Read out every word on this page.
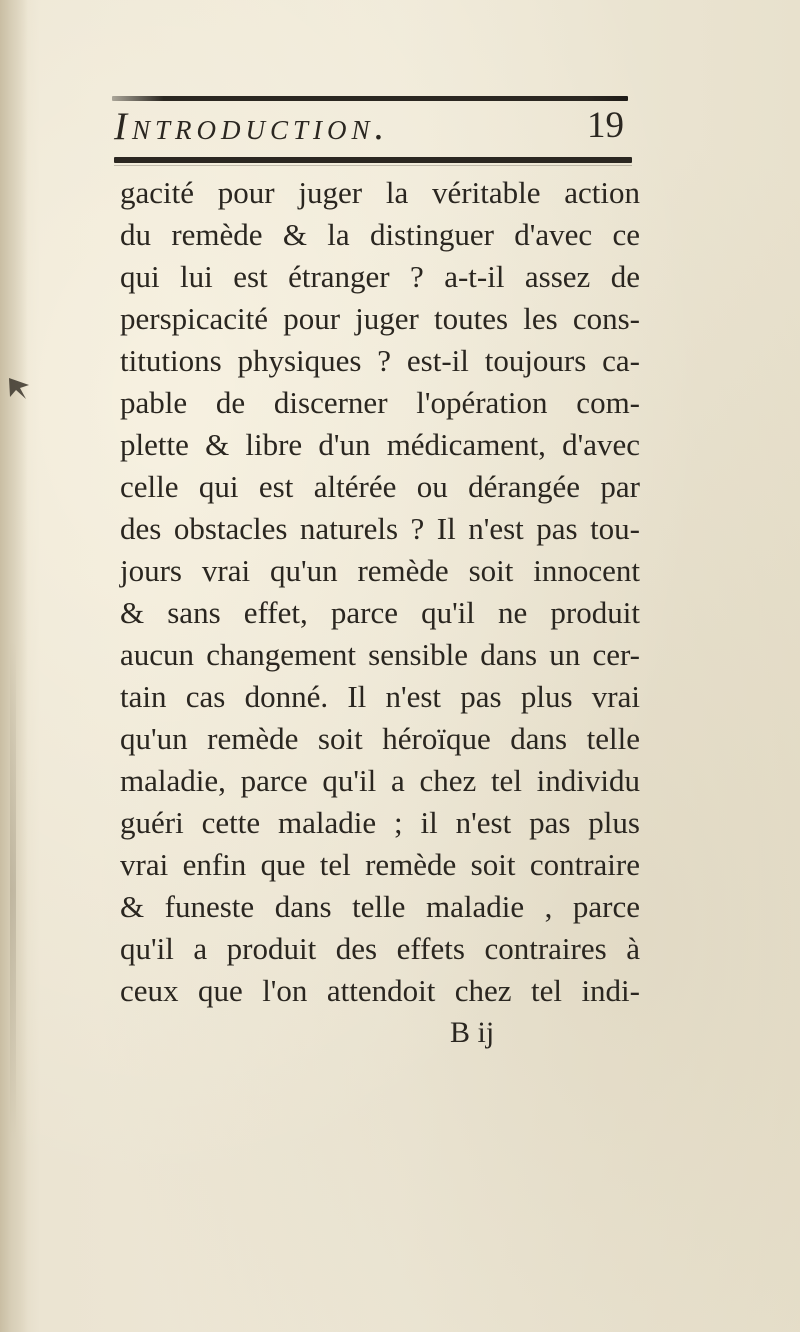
Introduction.	19
gacité pour juger la véritable action
du remède & la distinguer d'avec ce
qui lui est étranger ? a-t-il assez de
perspicacité pour juger toutes les cons-
titutions physiques ? est-il toujours ca-
pable de discerner l'opération com-
plette & libre d'un médicament, d'avec
celle qui est altérée ou dérangée par
des obstacles naturels ? Il n'est pas tou-
jours vrai qu'un remède soit innocent
& sans effet, parce qu'il ne produit
aucun changement sensible dans un cer-
tain cas donné. Il n'est pas plus vrai
qu'un remède soit héroïque dans telle
maladie, parce qu'il a chez tel individu
guéri cette maladie ; il n'est pas plus
vrai enfin que tel remède soit contraire
& funeste dans telle maladie , parce
qu'il a produit des effets contraires à
ceux que l'on attendoit chez tel indi-
B ij
